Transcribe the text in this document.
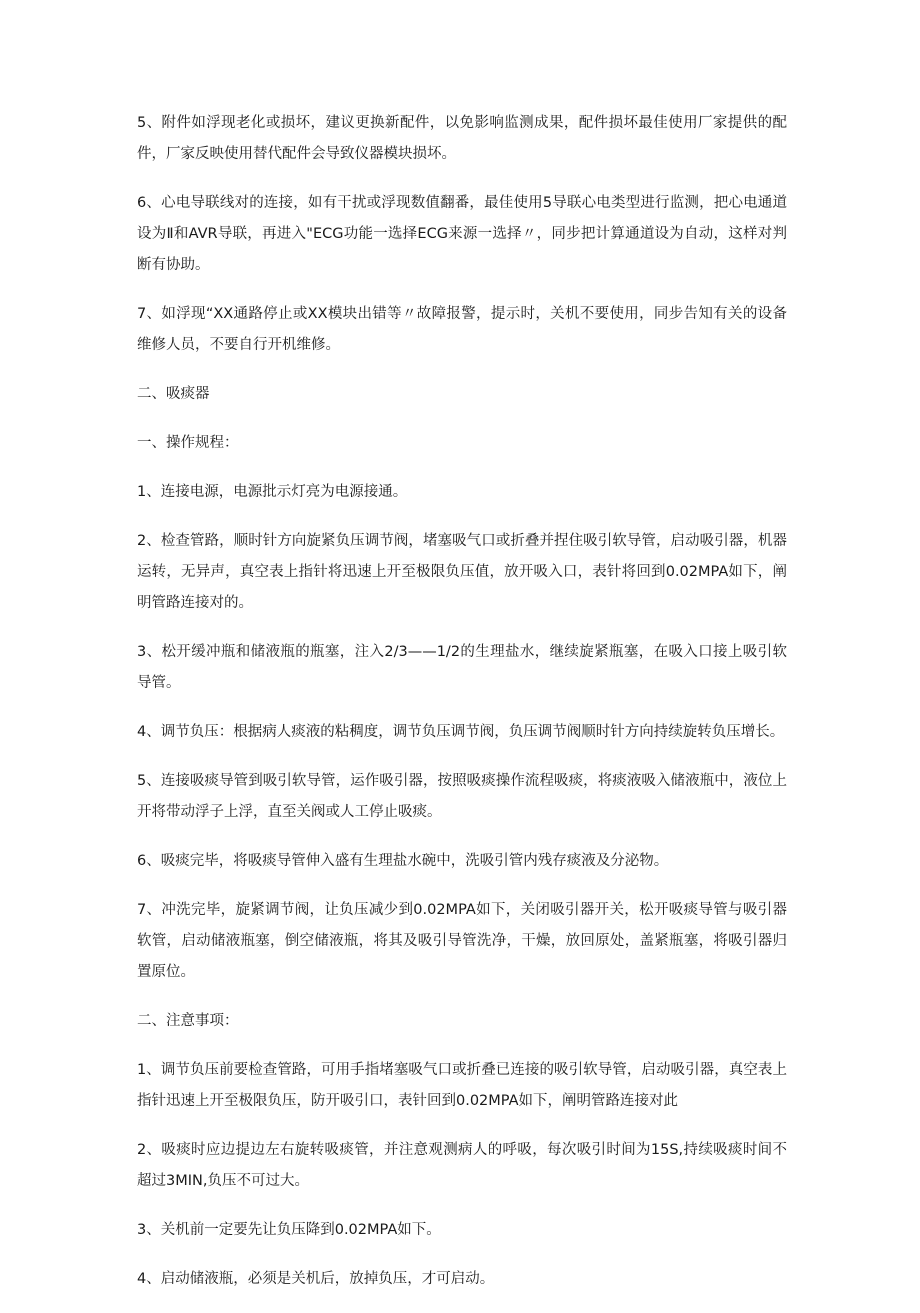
5、附件如浮现老化或损坏，建议更换新配件，以免影响监测成果，配件损坏最佳使用厂家提供的配件，厂家反映使用替代配件会导致仪器模块损坏。

6、心电导联线对的连接，如有干扰或浮现数值翻番，最佳使用5导联心电类型进行监测，把心电通道设为Ⅱ和AVR导联，再进入"ECG功能一选择ECG来源一选择〃，同步把计算通道设为自动，这样对判断有协助。

7、如浮现“XX通路停止或XX模块出错等〃故障报警，提示时，关机不要使用，同步告知有关的设备维修人员，不要自行开机维修。

二、吸痰器

一、操作规程：

1、连接电源，电源批示灯亮为电源接通。

2、检查管路，顺时针方向旋紧负压调节阀，堵塞吸气口或折叠并捏住吸引软导管，启动吸引器，机器运转，无异声，真空表上指针将迅速上开至极限负压值，放开吸入口，表针将回到0.02MPA如下，阐明管路连接对的。

3、松开缓冲瓶和储液瓶的瓶塞，注入2/3——1/2的生理盐水，继续旋紧瓶塞，在吸入口接上吸引软导管。

4、调节负压：根据病人痰液的粘稠度，调节负压调节阀，负压调节阀顺时针方向持续旋转负压增长。

5、连接吸痰导管到吸引软导管，运作吸引器，按照吸痰操作流程吸痰，将痰液吸入储液瓶中，液位上开将带动浮子上浮，直至关阀或人工停止吸痰。

6、吸痰完毕，将吸痰导管伸入盛有生理盐水碗中，洗吸引管内残存痰液及分泌物。

7、冲洗完毕，旋紧调节阀，让负压减少到0.02MPA如下，关闭吸引器开关，松开吸痰导管与吸引器软管，启动储液瓶塞，倒空储液瓶，将其及吸引导管洗净，干燥，放回原处，盖紧瓶塞，将吸引器归置原位。

二、注意事项：

1、调节负压前要检查管路，可用手指堵塞吸气口或折叠已连接的吸引软导管，启动吸引器，真空表上指针迅速上开至极限负压，防开吸引口，表针回到0.02MPA如下，阐明管路连接对此

2、吸痰时应边提边左右旋转吸痰管，并注意观测病人的呼吸，每次吸引时间为15S,持续吸痰时间不超过3MIN,负压不可过大。

3、关机前一定要先让负压降到0.02MPA如下。

4、启动储液瓶，必须是关机后，放掉负压，才可启动。
